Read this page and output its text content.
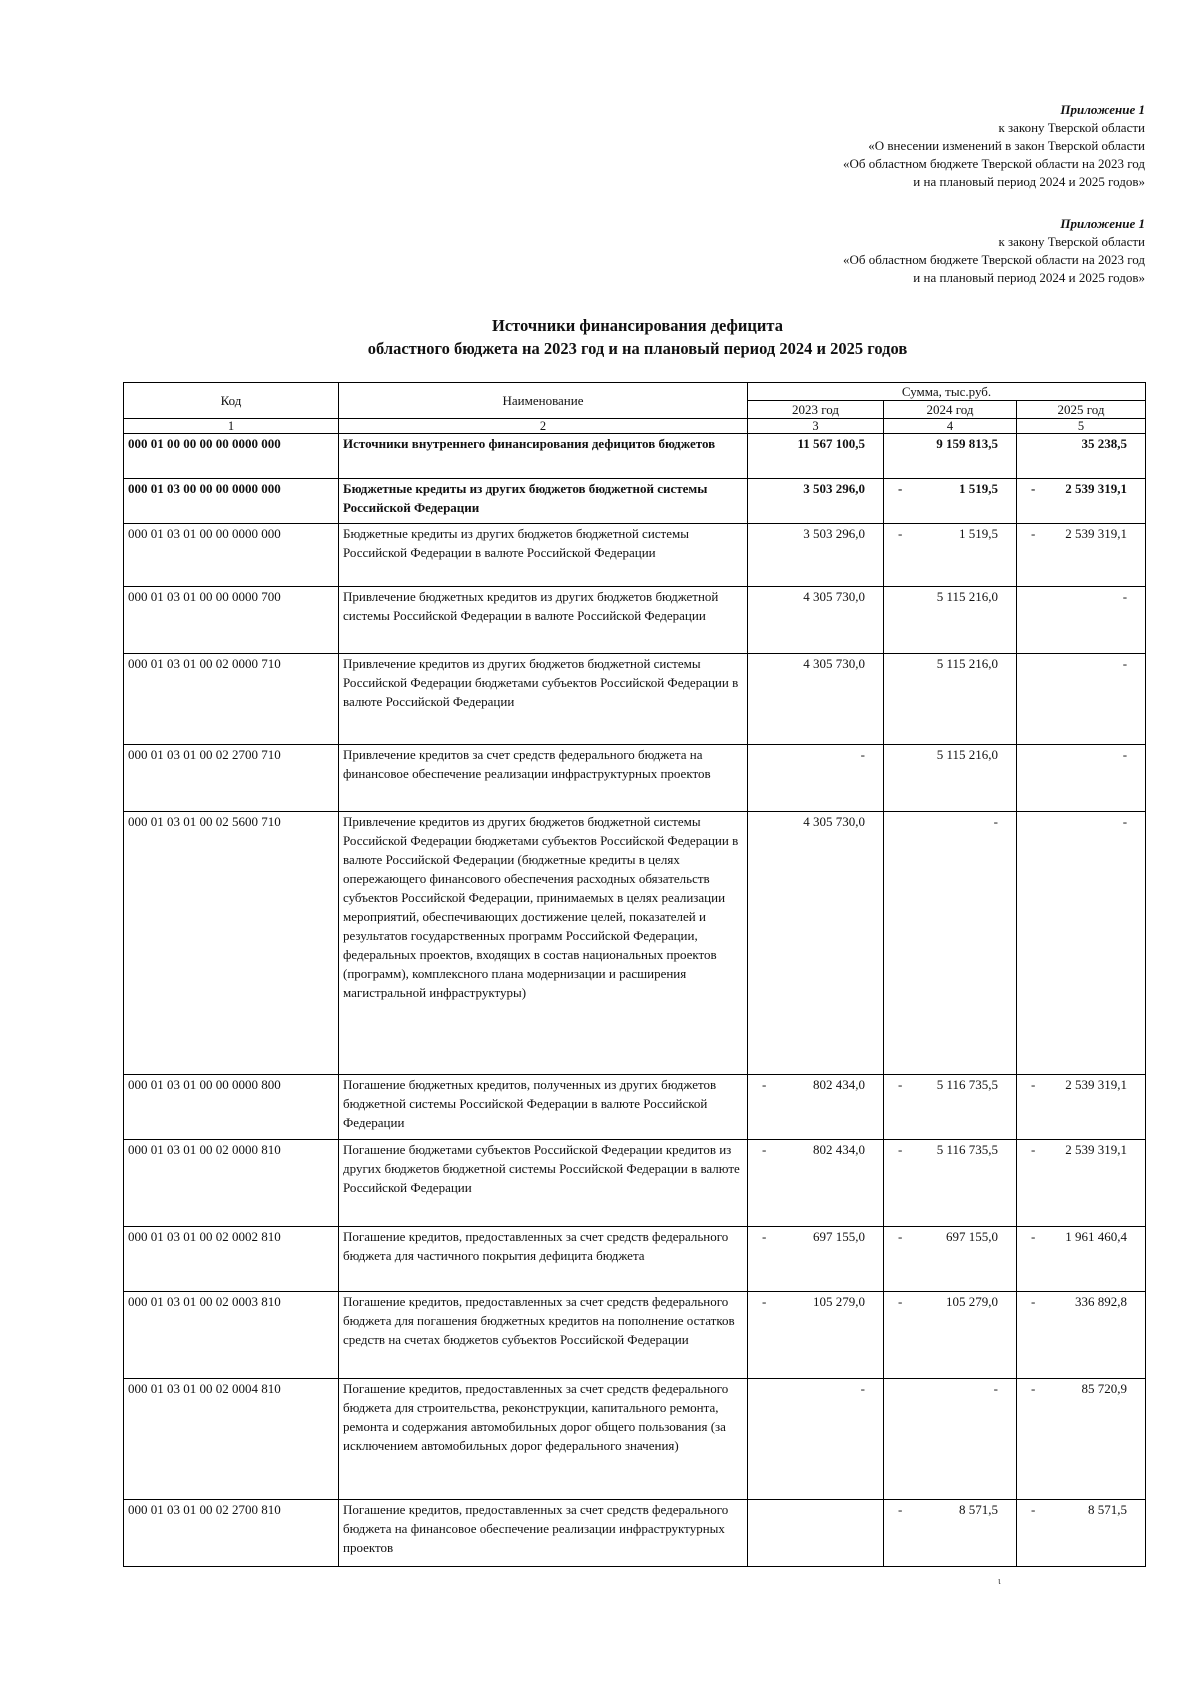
Приложение 1
к закону Тверской области
«О внесении изменений в закон Тверской области
«Об областном бюджете Тверской области на 2023 год
и на плановый период 2024 и 2025 годов»
Приложение 1
к закону Тверской области
«Об областном бюджете Тверской области на 2023 год
и на плановый период 2024 и 2025 годов»
Источники финансирования дефицита
областного бюджета на 2023 год и на плановый период 2024 и 2025 годов
Код	Наименование	Сумма, тыс.руб.		
		2023 год	2024 год	2025 год
1	2	3	4	5
000 01 00 00 00 00 0000 000	Источники внутреннего финансирования дефицитов бюджетов	11 567 100,5	9 159 813,5	35 238,5

000 01 03 00 00 00 0000 000	Бюджетные кредиты из других бюджетов бюджетной системы Российской Федерации	3 503 296,0	- 1 519,5	- 2 539 319,1

000 01 03 01 00 00 0000 000	Бюджетные кредиты из других бюджетов бюджетной системы Российской Федерации в валюте Российской Федерации	3 503 296,0	- 1 519,5	- 2 539 319,1

000 01 03 01 00 00 0000 700	Привлечение бюджетных кредитов из других бюджетов бюджетной системы Российской Федерации в валюте Российской Федерации	4 305 730,0	5 115 216,0	-

000 01 03 01 00 02 0000 710	Привлечение кредитов из других бюджетов бюджетной системы Российской Федерации бюджетами субъектов Российской Федерации в валюте Российской Федерации	4 305 730,0	5 115 216,0	-

000 01 03 01 00 02 2700 710	Привлечение кредитов за счет средств федерального бюджета на финансовое обеспечение реализации инфраструктурных проектов	-	5 115 216,0	-

000 01 03 01 00 02 5600 710	Привлечение кредитов из других бюджетов бюджетной системы Российской Федерации бюджетами субъектов Российской Федерации в валюте Российской Федерации (бюджетные кредиты в целях опережающего финансового обеспечения расходных обязательств субъектов Российской Федерации, принимаемых в целях реализации мероприятий, обеспечивающих достижение целей, показателей и результатов государственных программ Российской Федерации, федеральных проектов, входящих в состав национальных проектов (программ), комплексного плана модернизации и расширения магистральной инфраструктуры)	4 305 730,0	-	-

000 01 03 01 00 00 0000 800	Погашение бюджетных кредитов, полученных из других бюджетов бюджетной системы Российской Федерации в валюте Российской Федерации	- 802 434,0	- 5 116 735,5	- 2 539 319,1

000 01 03 01 00 02 0000 810	Погашение бюджетами субъектов Российской Федерации кредитов из других бюджетов бюджетной системы Российской Федерации в валюте Российской Федерации	- 802 434,0	- 5 116 735,5	- 2 539 319,1

000 01 03 01 00 02 0002 810	Погашение кредитов, предоставленных за счет средств федерального бюджета для частичного покрытия дефицита бюджета	- 697 155,0	- 697 155,0	- 1 961 460,4

000 01 03 01 00 02 0003 810	Погашение кредитов, предоставленных за счет средств федерального бюджета для погашения бюджетных кредитов на пополнение остатков средств на счетах бюджетов субъектов Российской Федерации	- 105 279,0	- 105 279,0	- 336 892,8

000 01 03 01 00 02 0004 810	Погашение кредитов, предоставленных за счет средств федерального бюджета для строительства, реконструкции, капитального ремонта, ремонта и содержания автомобильных дорог общего пользования (за исключением автомобильных дорог федерального значения)	-	-	- 85 720,9

000 01 03 01 00 02 2700 810	Погашение кредитов, предоставленных за счет средств федерального бюджета на финансовое обеспечение реализации инфраструктурных проектов		- 8 571,5	- 8 571,5
ι
